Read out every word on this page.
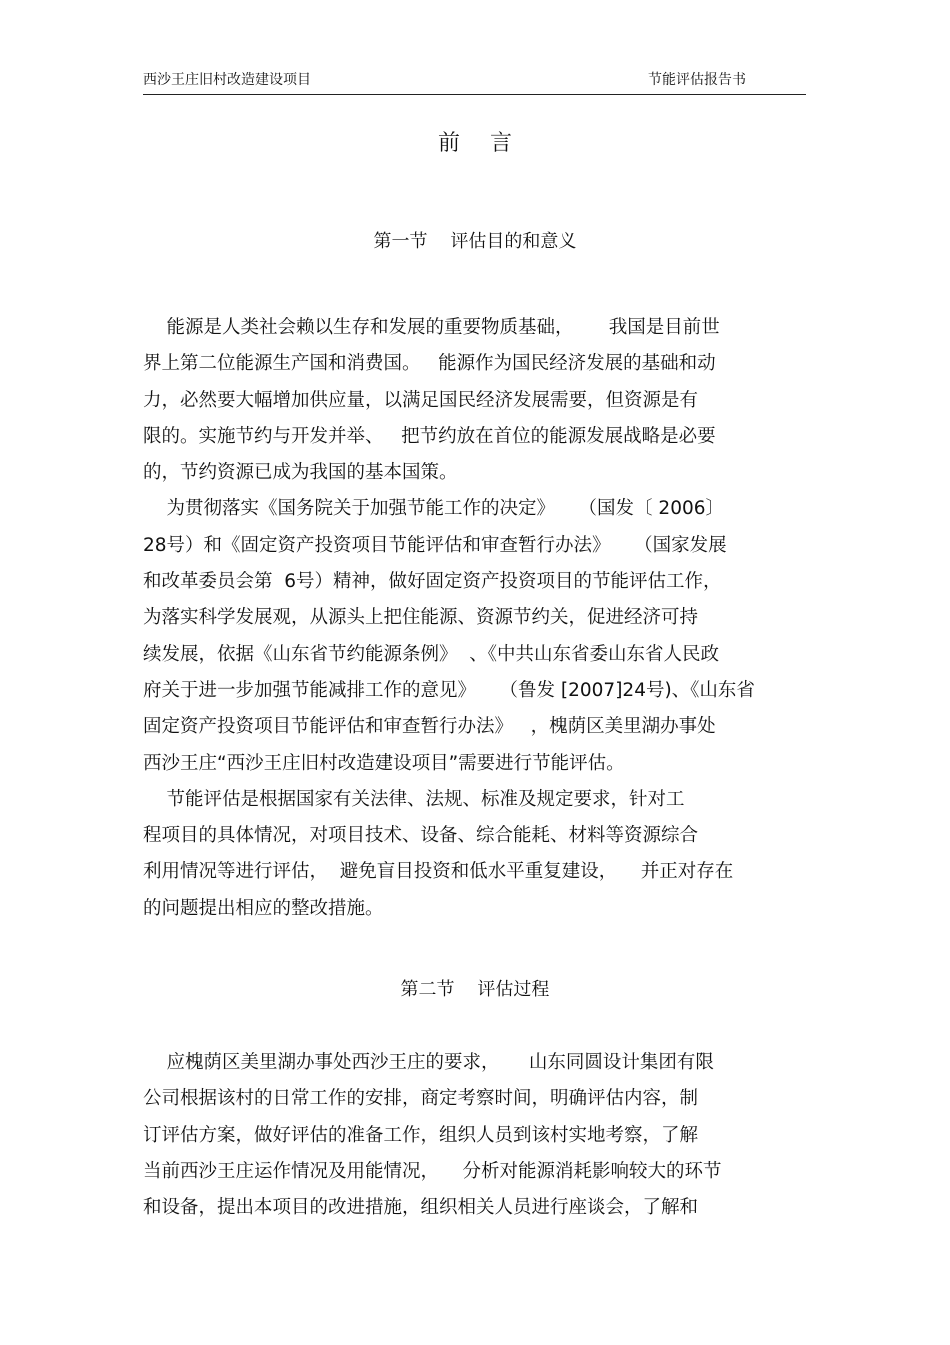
西沙王庄旧村改造建设项目	节能评估报告书
前言
第一节    评估目的和意义
能源是人类社会赖以生存和发展的重要物质基础，      我国是目前世
界上第二位能源生产国和消费国。   能源作为国民经济发展的基础和动
力，必然要大幅增加供应量，以满足国民经济发展需要，但资源是有
限的。实施节约与开发并举、   把节约放在首位的能源发展战略是必要
的，节约资源已成为我国的基本国策。
为贯彻落实《国务院关于加强节能工作的决定》    （国发〔 2006〕
28号）和《固定资产投资项目节能评估和审查暂行办法》    （国家发展
和改革委员会第  6号）精神，做好固定资产投资项目的节能评估工作，
为落实科学发展观，从源头上把住能源、资源节约关，促进经济可持
续发展，依据《山东省节约能源条例》  、《中共山东省委山东省人民政
府关于进一步加强节能减排工作的意见》    （鲁发 [2007]24号)、《山东省
固定资产投资项目节能评估和审查暂行办法》   ，槐荫区美里湖办事处
西沙王庄“西沙王庄旧村改造建设项目”需要进行节能评估。
节能评估是根据国家有关法律、法规、标准及规定要求，针对工
程项目的具体情况，对项目技术、设备、综合能耗、材料等资源综合
利用情况等进行评估，  避免盲目投资和低水平重复建设，    并正对存在
的问题提出相应的整改措施。
第二节    评估过程
应槐荫区美里湖办事处西沙王庄的要求，     山东同圆设计集团有限
公司根据该村的日常工作的安排，商定考察时间，明确评估内容，制
订评估方案，做好评估的准备工作，组织人员到该村实地考察，了解
当前西沙王庄运作情况及用能情况，    分析对能源消耗影响较大的环节
和设备，提出本项目的改进措施，组织相关人员进行座谈会，了解和
